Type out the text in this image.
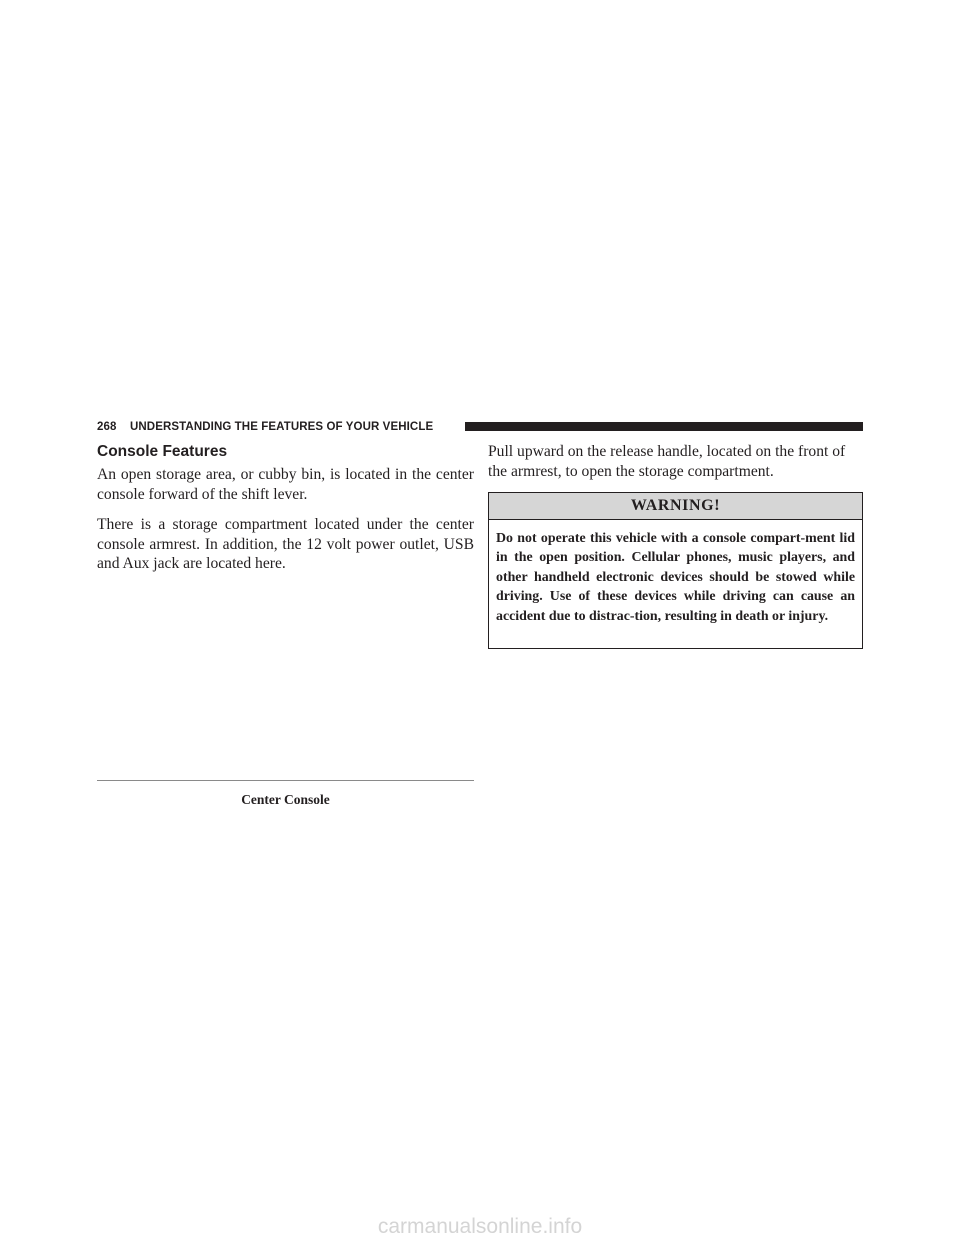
268 UNDERSTANDING THE FEATURES OF YOUR VEHICLE
Console Features

An open storage area, or cubby bin, is located in the center console forward of the shift lever.

There is a storage compartment located under the center console armrest. In addition, the 12 volt power outlet, USB and Aux jack are located here.

Center Console

Pull upward on the release handle, located on the front of the armrest, to open the storage compartment.

WARNING!
Do not operate this vehicle with a console compart-ment lid in the open position. Cellular phones, music players, and other handheld electronic devices should be stowed while driving. Use of these devices while driving can cause an accident due to distrac-tion, resulting in death or injury.
carmanualsonline.info
